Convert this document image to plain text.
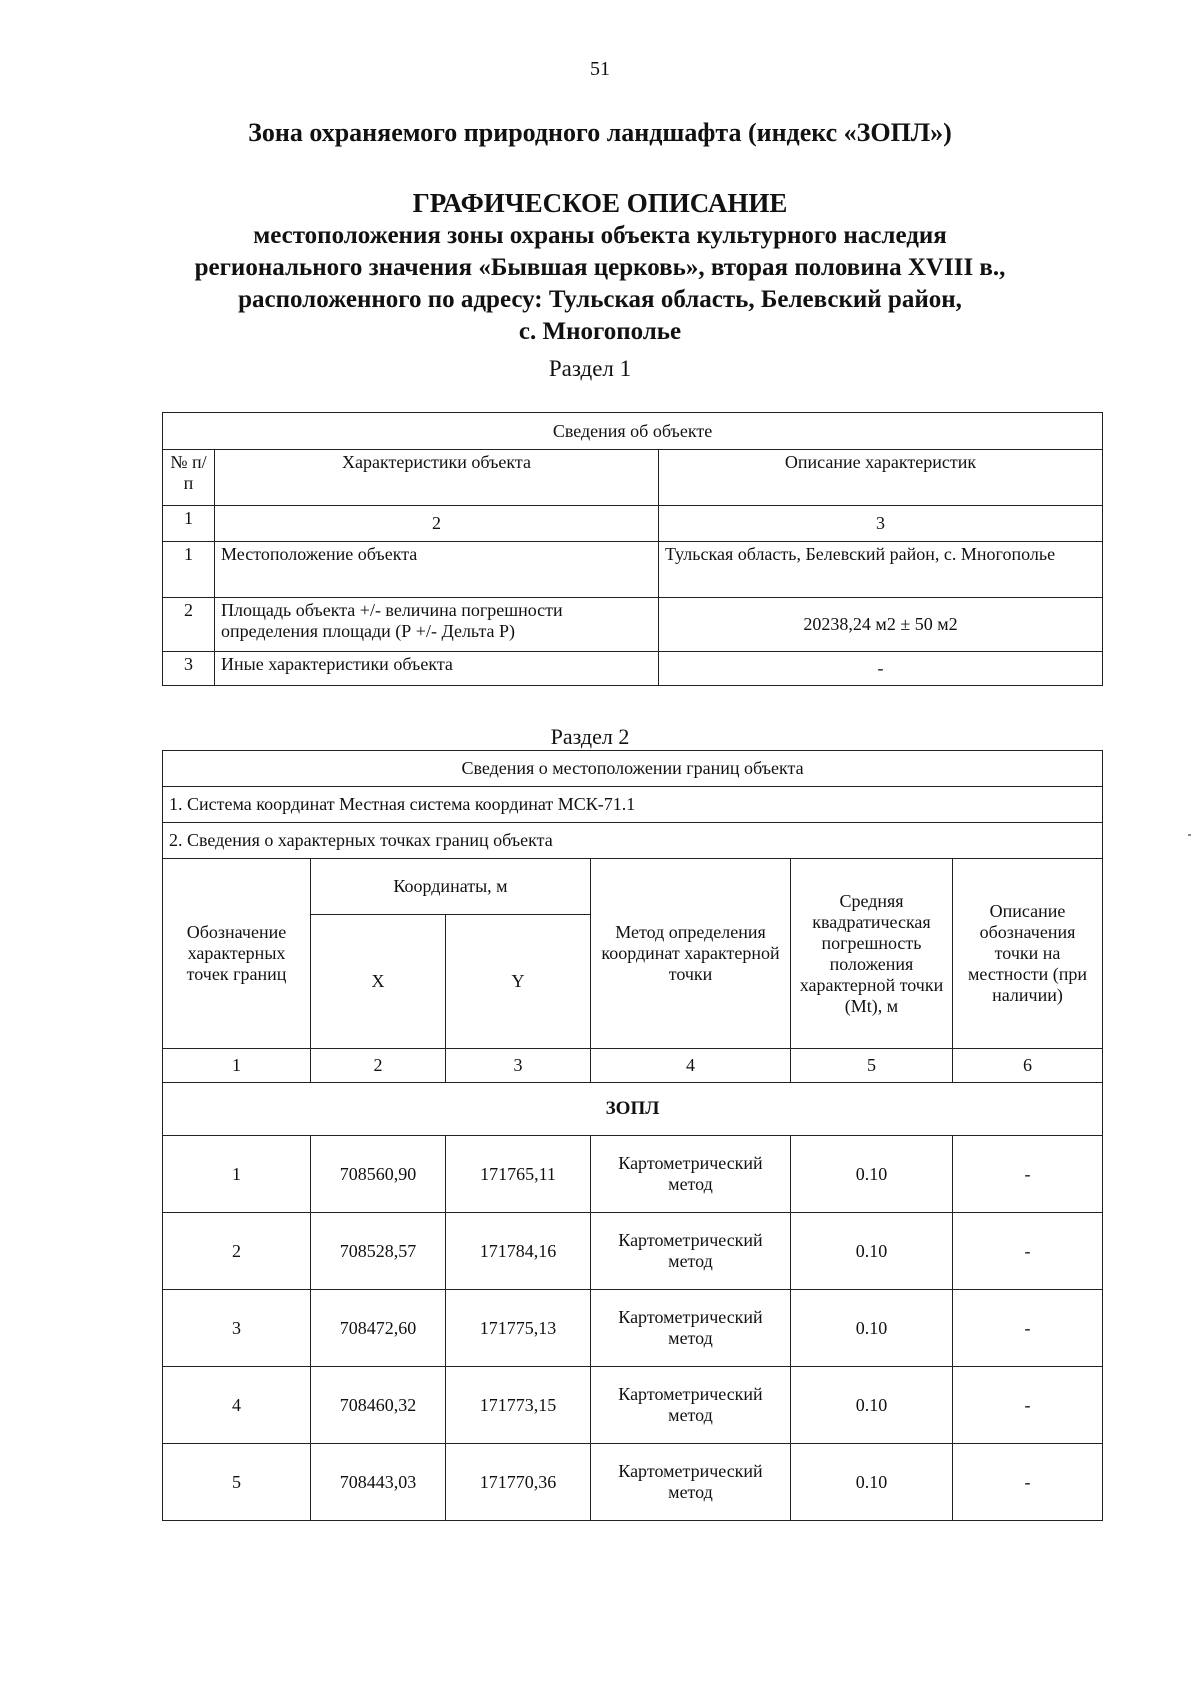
51
Зона охраняемого природного ландшафта (индекс «ЗОПЛ»)
ГРАФИЧЕСКОЕ ОПИСАНИЕ
местоположения зоны охраны объекта культурного наследия
регионального значения «Бывшая церковь», вторая половина XVIII в.,
расположенного по адресу: Тульская область, Белевский район,
с. Многополье
Раздел 1
Сведения об объекте		
№ п/п	Характеристики объекта	Описание характеристик
1	2	3
1	Местоположение объекта	Тульская область, Белевский район, с. Многополье
2	Площадь объекта +/- величина погрешности определения площади (Р +/- Дельта Р)	20238,24 м2 ± 50 м2
3	Иные характеристики объекта	-
Раздел 2
Сведения о местоположении границ объекта					
1. Система координат Местная система координат МСК-71.1					
2. Сведения о характерных точках границ объекта					
Обозначение характерных точек границ	Координаты, м		Метод определения координат характерной точки	Средняя квадратическая погрешность положения характерной точки (Mt), м	Описание обозначения точки на местности (при наличии)
	X	Y			
1	2	3	4	5	6
ЗОПЛ					
1	708560,90	171765,11	Картометрический метод	0.10	-
2	708528,57	171784,16	Картометрический метод	0.10	-
3	708472,60	171775,13	Картометрический метод	0.10	-
4	708460,32	171773,15	Картометрический метод	0.10	-
5	708443,03	171770,36	Картометрический метод	0.10	-
